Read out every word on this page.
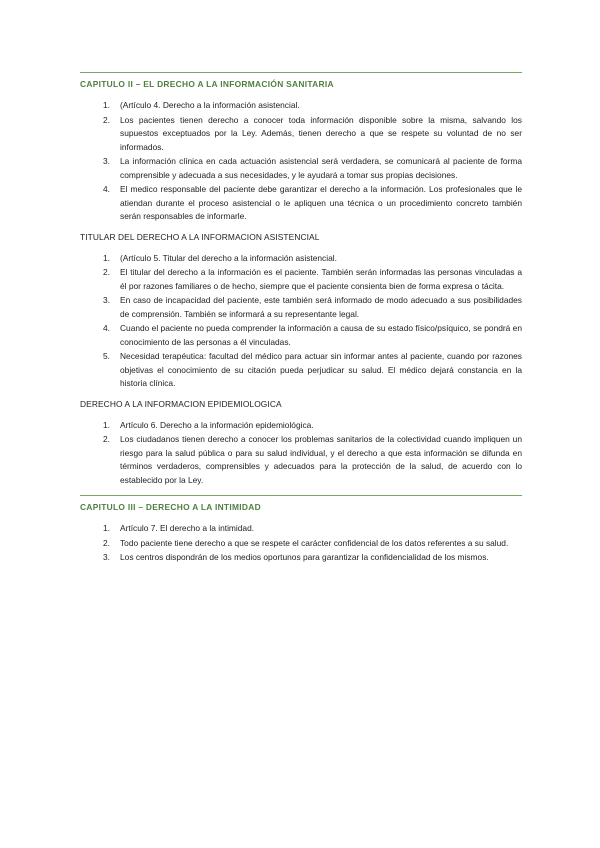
CAPITULO II – EL DRECHO A LA INFORMACIÓN SANITARIA
1.	(Artículo 4. Derecho a la información asistencial.
2.	Los pacientes tienen derecho a conocer toda información disponible sobre la misma, salvando los supuestos exceptuados por la Ley. Además, tienen derecho a que se respete su voluntad de no ser informados.
3.	La información clínica en cada actuación asistencial será verdadera, se comunicará al paciente de forma comprensible y adecuada a sus necesidades, y le ayudará a tomar sus propias decisiones.
4.	El medico responsable del paciente debe garantizar el derecho a la información. Los profesionales que le atiendan durante el proceso asistencial o le apliquen una técnica o un procedimiento concreto también serán responsables de informarle.
TITULAR DEL DERECHO A LA INFORMACION ASISTENCIAL
1.	(Artículo 5. Titular del derecho a la información asistencial.
2.	El titular del derecho a la información es el paciente. También serán informadas las personas vinculadas a él por razones familiares o de hecho, siempre que el paciente consienta bien de forma expresa o tácita.
3.	En caso de incapacidad del paciente, este también será informado de modo adecuado a sus posibilidades de comprensión. También se informará a su representante legal.
4.	Cuando el paciente no pueda comprender la información a causa de su estado físico/psíquico, se pondrá en conocimiento de las personas a él vinculadas.
5.	Necesidad terapéutica: facultad del médico para actuar sin informar antes al paciente, cuando por razones objetivas el conocimiento de su citación pueda perjudicar su salud. El médico dejará constancia en la historia clínica.
DERECHO A LA INFORMACION EPIDEMIOLOGICA
1.	Artículo 6. Derecho a la información epidemiológica.
2.	Los ciudadanos tienen derecho a conocer los problemas sanitarios de la colectividad cuando impliquen un riesgo para la salud pública o para su salud individual, y el derecho a que esta información se difunda en términos verdaderos, comprensibles y adecuados para la protección de la salud, de acuerdo con lo establecido por la Ley.
CAPITULO III – DERECHO A LA INTIMIDAD
1.	Artículo 7. El derecho a la intimidad.
2.	Todo paciente tiene derecho a que se respete el carácter confidencial de los datos referentes a su salud.
3.	Los centros dispondrán de los medios oportunos para garantizar la confidencialidad de los mismos.
